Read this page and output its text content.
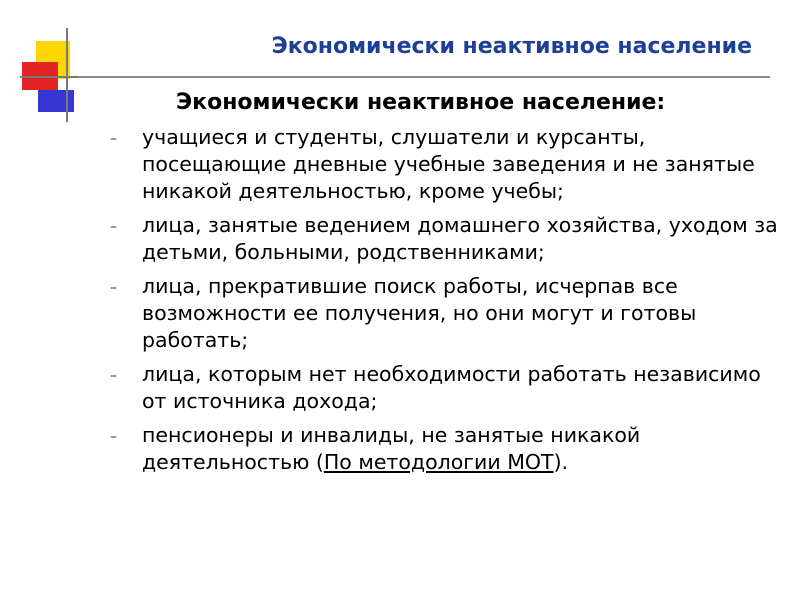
Экономически неактивное население
Экономически неактивное население:
– учащиеся и студенты, слушатели и курсанты, посещающие дневные учебные заведения и не занятые никакой деятельностью, кроме учебы;
– лица, занятые ведением домашнего хозяйства, уходом за детьми, больными, родственниками;
– лица, прекратившие поиск работы, исчерпав все возможности ее получения, но они могут и готовы работать;
– лица, которым нет необходимости работать независимо от источника дохода;
– пенсионеры и инвалиды, не занятые никакой деятельностью (По методологии МОТ).
